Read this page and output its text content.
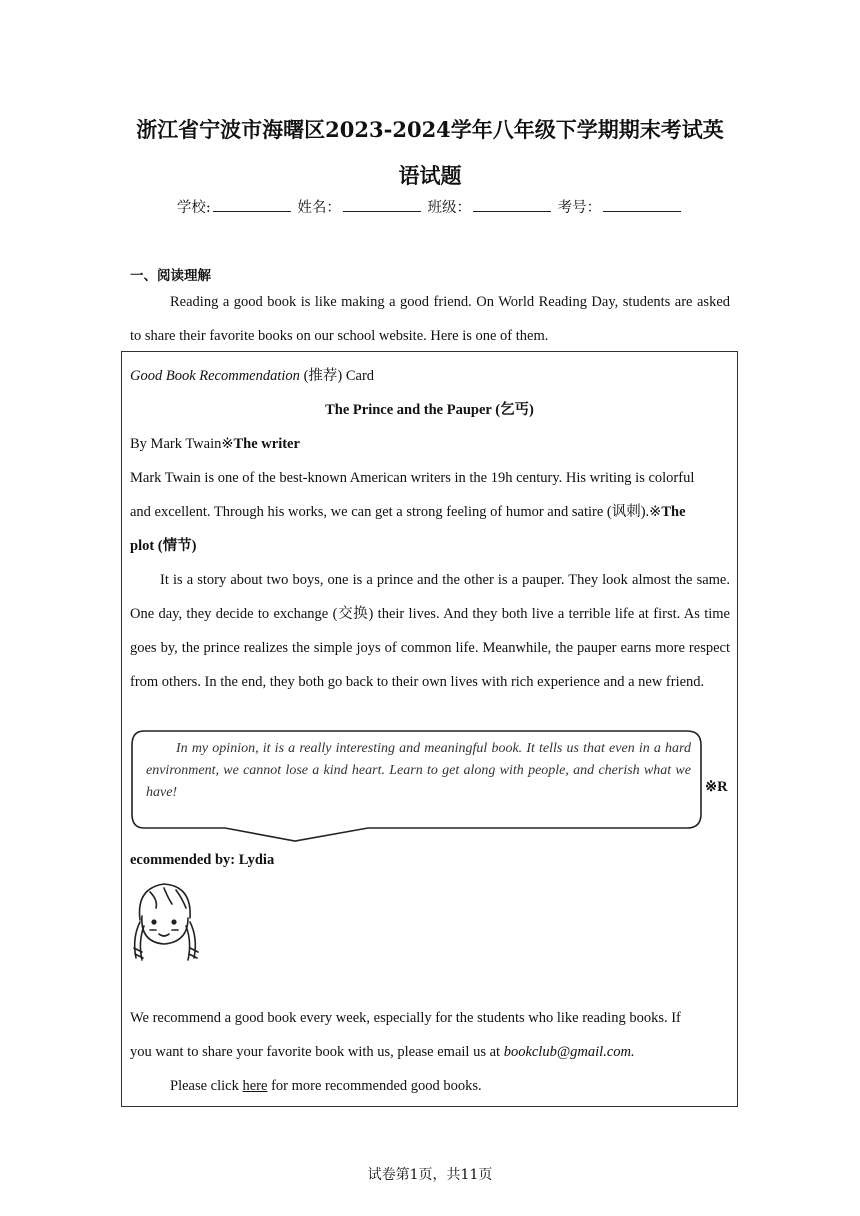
浙江省宁波市海曙区2023-2024学年八年级下学期期末考试英
语试题
学校:	姓名：	班级：	考号：
一、阅读理解
Reading a good book is like making a good friend. On World Reading Day, students are asked to share their favorite books on our school website. Here is one of them.
Good Book Recommendation (推荐) Card
The Prince and the Pauper (乞丐)
By Mark Twain※The writer
Mark Twain is one of the best-known American writers in the 19h century. His writing is colorful
and excellent. Through his works, we can get a strong feeling of humor and satire (讽刺).※The
plot (情节)
It is a story about two boys, one is a prince and the other is a pauper. They look almost the same. One day, they decide to exchange (交换) their lives. And they both live a terrible life at first. As time goes by, the prince realizes the simple joys of common life. Meanwhile, the pauper earns more respect from others. In the end, they both go back to their own lives with rich experience and a new friend.
In my opinion, it is a really interesting and meaningful book. It tells us that even in a hard environment, we cannot lose a kind heart. Learn to get along with people, and cherish what we have!	※R
ecommended by: Lydia
We recommend a good book every week, especially for the students who like reading books. If
you want to share your favorite book with us, please email us at bookclub@gmail.com.
Please click here for more recommended good books.
试卷第1页，共11页
